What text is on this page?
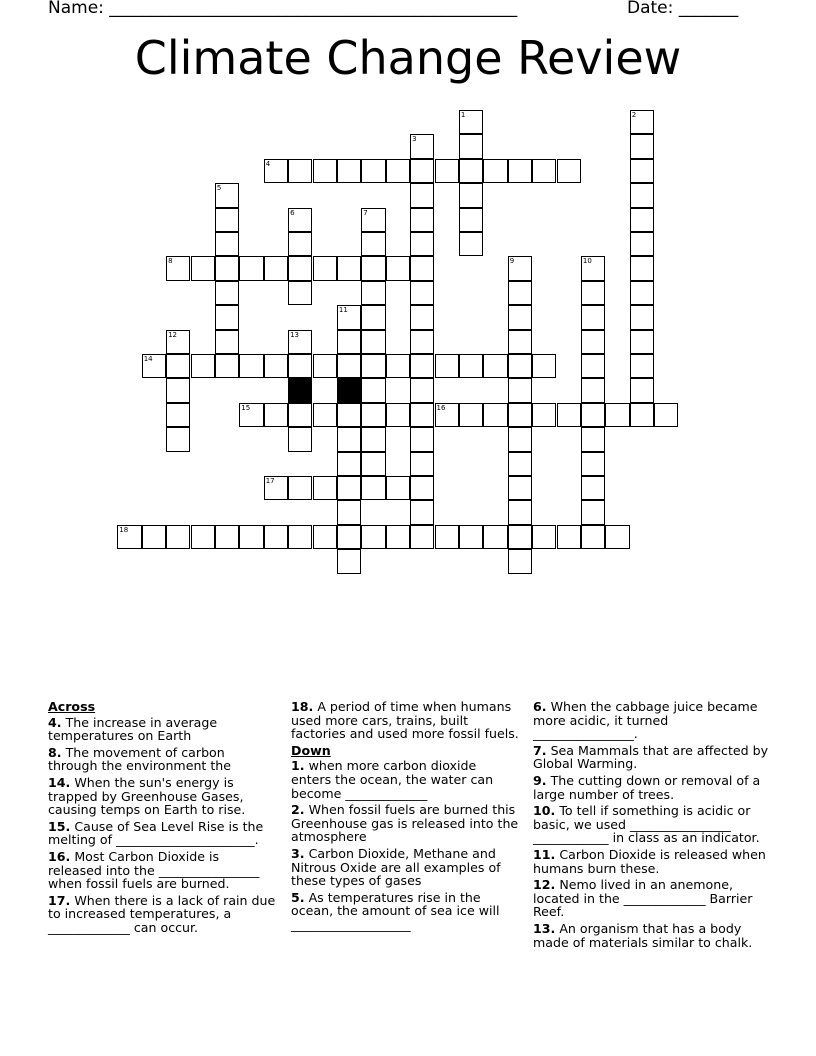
Name: ________________________________________________	Date: _______
Climate Change Review
1	2
3
4
5
6	7
8	9	10
11
12	13
14
15	16
17
18
Across
4. The increase in average temperatures on Earth
8. The movement of carbon through the environment the
14. When the sun's energy is trapped by Greenhouse Gases, causing temps on Earth to rise.
15. Cause of Sea Level Rise is the melting of ______________________.
16. Most Carbon Dioxide is released into the ________________ when fossil fuels are burned.
17. When there is a lack of rain due to increased temperatures, a _____________ can occur.
18. A period of time when humans used more cars, trains, built factories and used more fossil fuels.
Down
1. when more carbon dioxide enters the ocean, the water can become _____________
2. When fossil fuels are burned this Greenhouse gas is released into the atmosphere
3. Carbon Dioxide, Methane and Nitrous Oxide are all examples of these types of gases
5. As temperatures rise in the ocean, the amount of sea ice will ___________________
6. When the cabbage juice became more acidic, it turned ________________.
7. Sea Mammals that are affected by Global Warming.
9. The cutting down or removal of a large number of trees.
10. To tell if something is acidic or basic, we used ________________ ____________ in class as an indicator.
11. Carbon Dioxide is released when humans burn these.
12. Nemo lived in an anemone, located in the _____________ Barrier Reef.
13. An organism that has a body made of materials similar to chalk.
